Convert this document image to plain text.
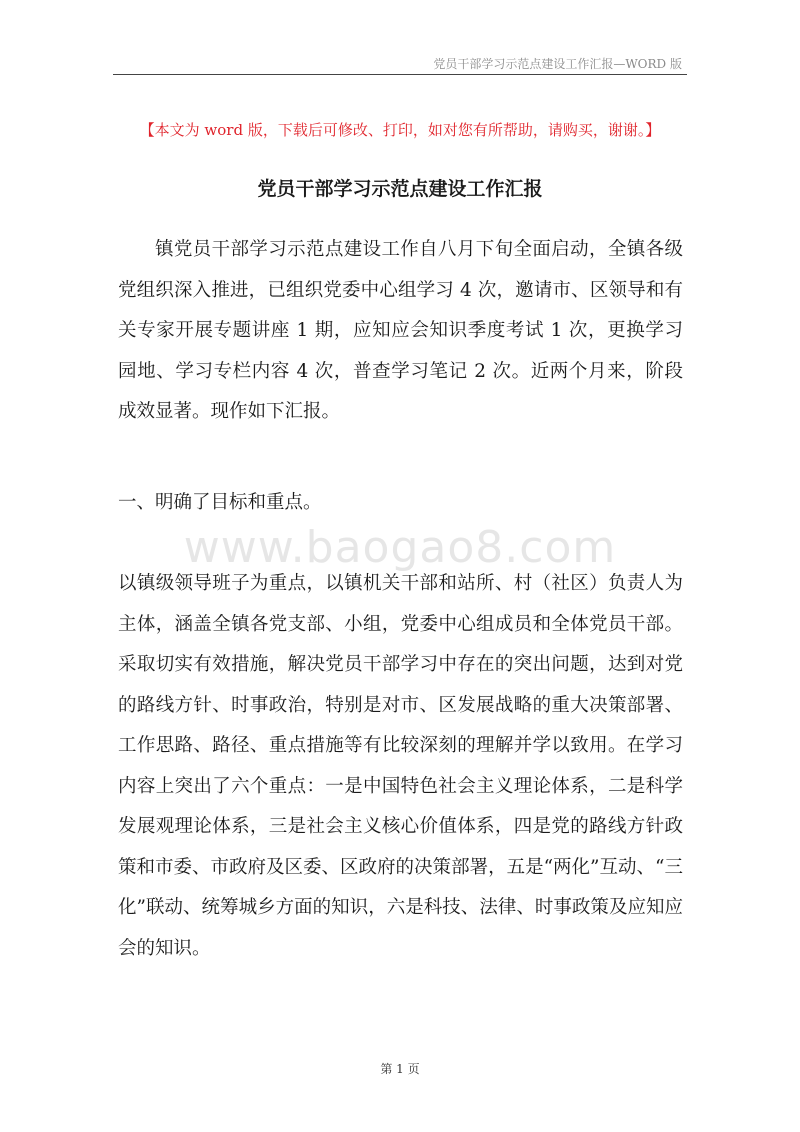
党员干部学习示范点建设工作汇报—WORD 版
【本文为 word 版，下载后可修改、打印，如对您有所帮助，请购买，谢谢。】
党员干部学习示范点建设工作汇报
镇党员干部学习示范点建设工作自八月下旬全面启动，全镇各级党组织深入推进，已组织党委中心组学习 4 次，邀请市、区领导和有关专家开展专题讲座 1 期，应知应会知识季度考试 1 次，更换学习园地、学习专栏内容 4 次，普查学习笔记 2 次。近两个月来，阶段成效显著。现作如下汇报。
一、明确了目标和重点。
www.baogao8.com
以镇级领导班子为重点，以镇机关干部和站所、村（社区）负责人为主体，涵盖全镇各党支部、小组，党委中心组成员和全体党员干部。采取切实有效措施，解决党员干部学习中存在的突出问题，达到对党的路线方针、时事政治，特别是对市、区发展战略的重大决策部署、工作思路、路径、重点措施等有比较深刻的理解并学以致用。在学习内容上突出了六个重点：一是中国特色社会主义理论体系，二是科学发展观理论体系，三是社会主义核心价值体系，四是党的路线方针政策和市委、市政府及区委、区政府的决策部署，五是“两化”互动、“三化”联动、统筹城乡方面的知识，六是科技、法律、时事政策及应知应会的知识。
第 1 页
